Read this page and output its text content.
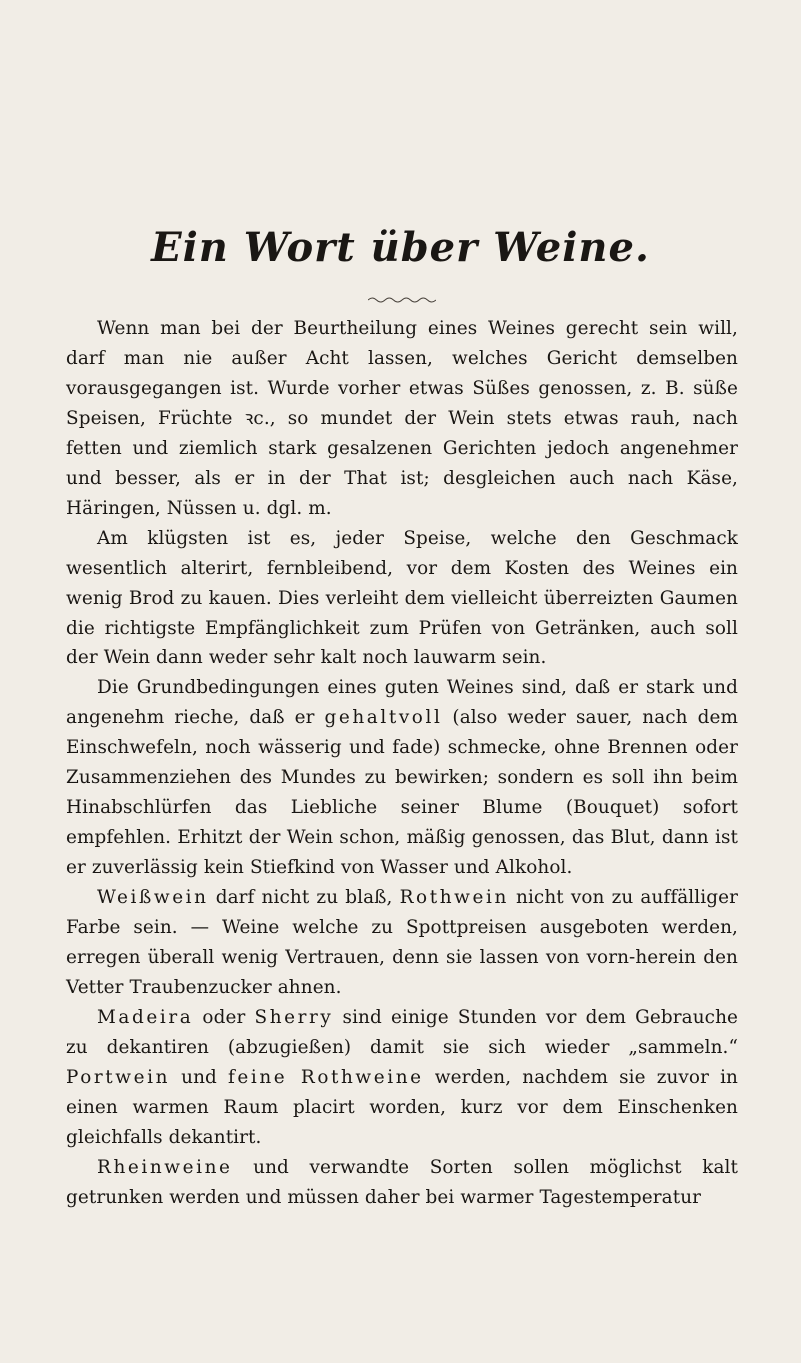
Ein Wort über Weine.

Wenn man bei der Beurtheilung eines Weines gerecht sein will, darf man nie außer Acht lassen, welches Gericht demselben vorausgegangen ist. Wurde vorher etwas Süßes genossen, z. B. süße Speisen, Früchte ꝛc., so mundet der Wein stets etwas rauh, nach fetten und ziemlich stark gesalzenen Gerichten jedoch angenehmer und besser, als er in der That ist; desgleichen auch nach Käse, Häringen, Nüssen u. dgl. m.

Am klügsten ist es, jeder Speise, welche den Geschmack wesentlich alterirt, fernbleibend, vor dem Kosten des Weines ein wenig Brod zu kauen. Dies verleiht dem vielleicht überreizten Gaumen die richtigste Empfänglichkeit zum Prüfen von Getränken, auch soll der Wein dann weder sehr kalt noch lauwarm sein.

Die Grundbedingungen eines guten Weines sind, daß er stark und angenehm rieche, daß er gehaltvoll (also weder sauer, nach dem Einschwefeln, noch wässerig und fade) schmecke, ohne Brennen oder Zusammenziehen des Mundes zu bewirken; sondern es soll ihn beim Hinabschlürfen das Liebliche seiner Blume (Bouquet) sofort empfehlen. Erhitzt der Wein schon, mäßig genossen, das Blut, dann ist er zuverlässig kein Stiefkind von Wasser und Alkohol.

Weißwein darf nicht zu blaß, Rothwein nicht von zu auffälliger Farbe sein. — Weine welche zu Spottpreisen ausgeboten werden, erregen überall wenig Vertrauen, denn sie lassen von vorn-herein den Vetter Traubenzucker ahnen.

Madeira oder Sherry sind einige Stunden vor dem Gebrauche zu dekantiren (abzugießen) damit sie sich wieder „sammeln.“ Portwein und feine Rothweine werden, nachdem sie zuvor in einen warmen Raum placirt worden, kurz vor dem Einschenken gleichfalls dekantirt.

Rheinweine und verwandte Sorten sollen möglichst kalt getrunken werden und müssen daher bei warmer Tagestemperatur
